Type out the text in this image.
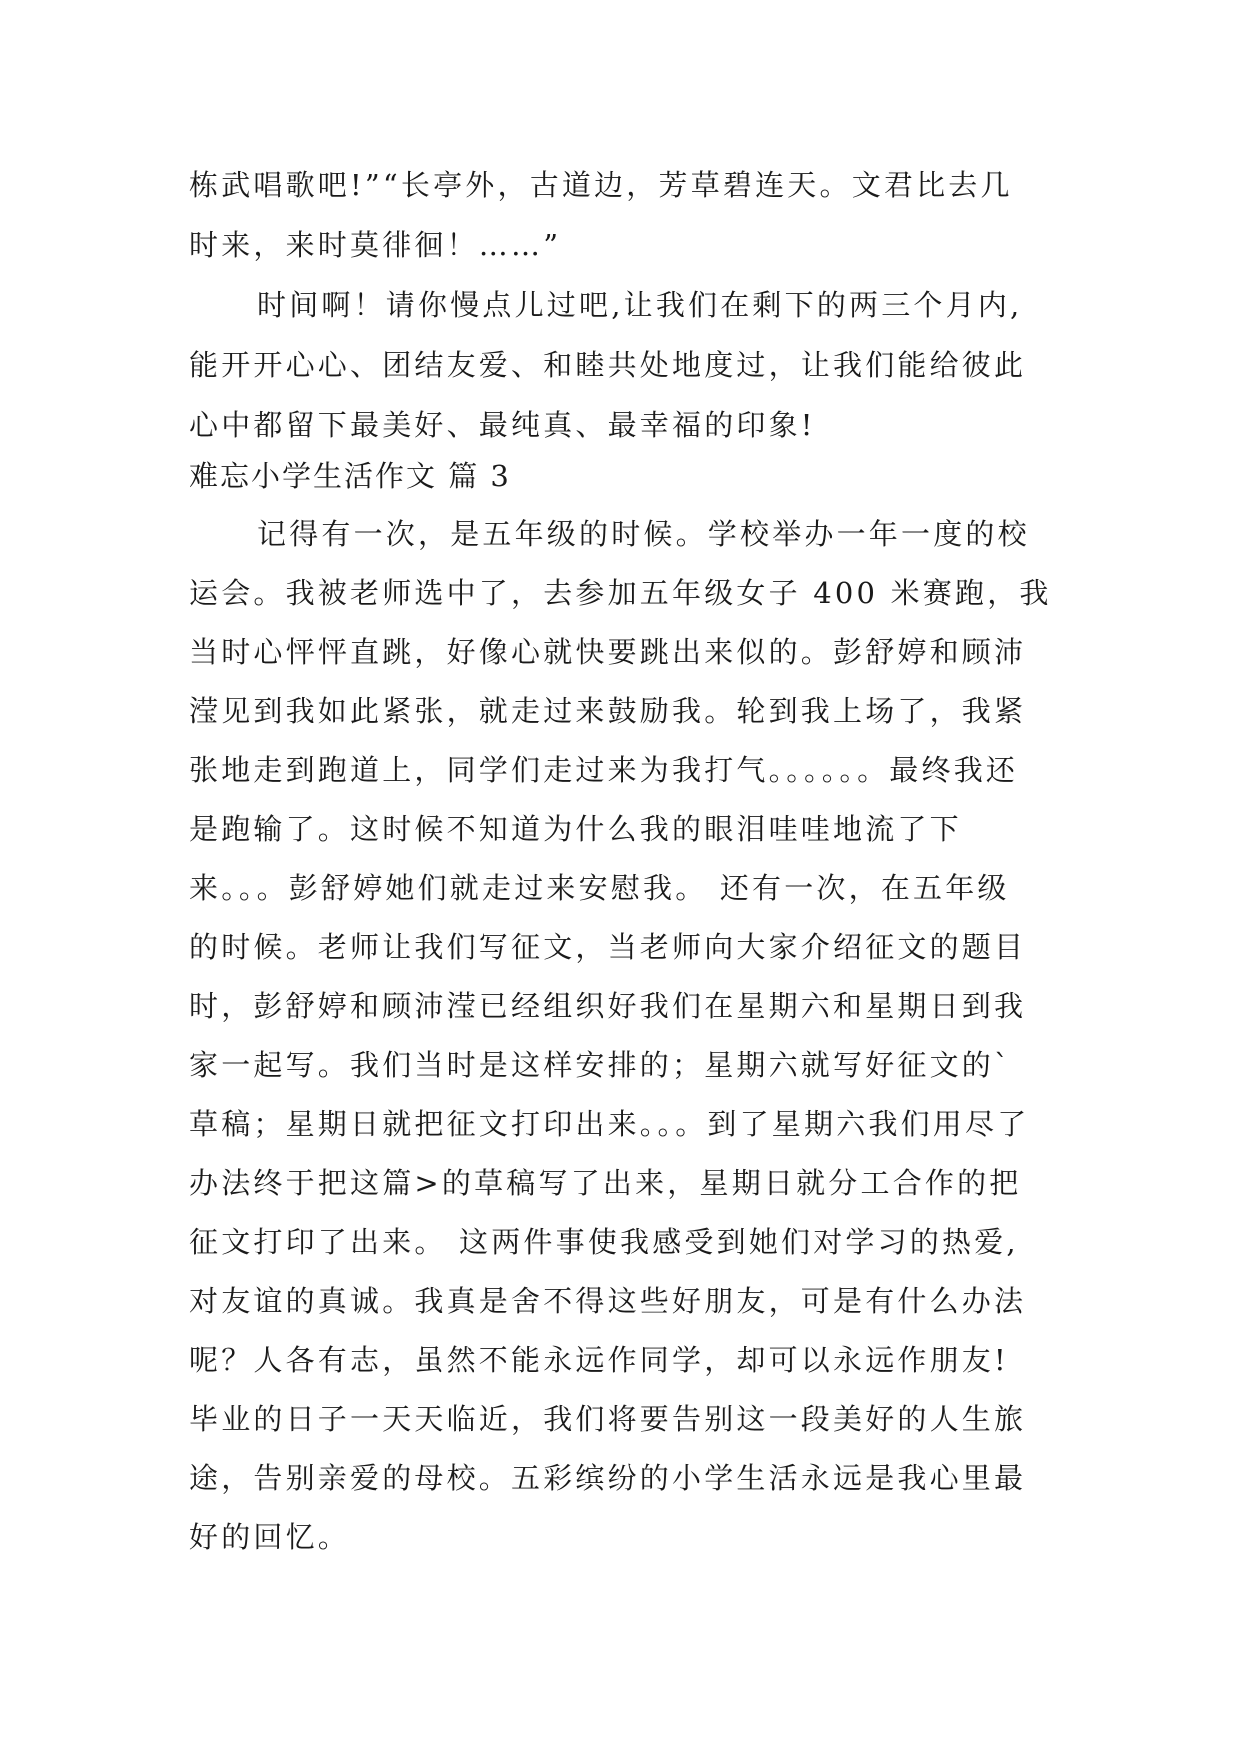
栋武唱歌吧!”“长亭外，古道边，芳草碧连天。文君比去几
时来，来时莫徘徊！……”
时间啊！请你慢点儿过吧,让我们在剩下的两三个月内,
能开开心心、团结友爱、和睦共处地度过，让我们能给彼此
心中都留下最美好、最纯真、最幸福的印象!
难忘小学生活作文 篇 3
记得有一次，是五年级的时候。学校举办一年一度的校
运会。我被老师选中了，去参加五年级女子 400 米赛跑，我
当时心怦怦直跳，好像心就快要跳出来似的。彭舒婷和顾沛
滢见到我如此紧张，就走过来鼓励我。轮到我上场了，我紧
张地走到跑道上，同学们走过来为我打气。。。。。。最终我还
是跑输了。这时候不知道为什么我的眼泪哇哇地流了下
来。。。彭舒婷她们就走过来安慰我。 还有一次，在五年级
的时候。老师让我们写征文，当老师向大家介绍征文的题目
时，彭舒婷和顾沛滢已经组织好我们在星期六和星期日到我
家一起写。我们当时是这样安排的；星期六就写好征文的`
草稿；星期日就把征文打印出来。。。到了星期六我们用尽了
办法终于把这篇>的草稿写了出来，星期日就分工合作的把
征文打印了出来。 这两件事使我感受到她们对学习的热爱,
对友谊的真诚。我真是舍不得这些好朋友，可是有什么办法
呢？人各有志，虽然不能永远作同学，却可以永远作朋友!
毕业的日子一天天临近，我们将要告别这一段美好的人生旅
途，告别亲爱的母校。五彩缤纷的小学生活永远是我心里最
好的回忆。
